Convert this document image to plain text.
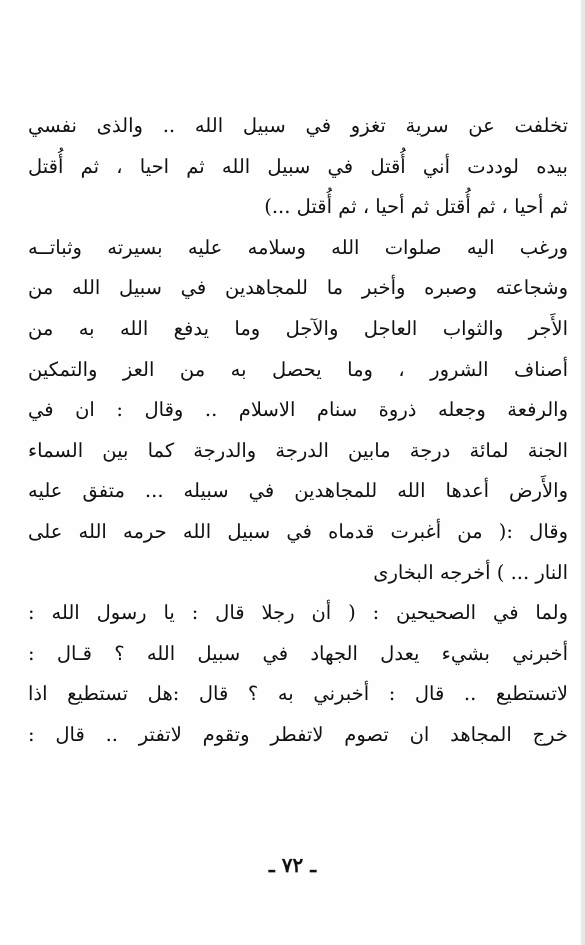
تخلفت عن سرية تغزو في سبيل الله .. والذى نفسي
بيده لوددت أني أُقتل في سبيل الله ثم احيا ، ثم أُقتل
ثم أحيا ، ثم أُقتل ثم أحيا ، ثم أُقتل ...)
ورغب اليه صلوات الله وسلامه عليه بسيرته وثباتــه
وشجاعته وصبره وأخبر ما للمجاهدين في سبيل الله من
الأَجر والثواب العاجل والآجل وما يدفع الله به من
أصناف الشرور ، وما يحصل به من العز والتمكين
والرفعة وجعله ذروة سنام الاسلام .. وقال : ان في
الجنة لمائة درجة مابين الدرجة والدرجة كما بين السماء
والأَرض أعدها الله للمجاهدين في سبيله ... متفق عليه
وقال :( من أغبرت قدماه في سبيل الله حرمه الله على
النار ... ) أخرجه البخارى
ولما في الصحيحين : ( أن رجلا قال : يا رسول الله :
أخبرني بشيء يعدل الجهاد في سبيل الله ؟ قـال :
لاتستطيع .. قال : أخبرني به ؟ قال :هل تستطيع اذا
خرج المجاهد ان تصوم لاتفطر وتقوم لاتفتر .. قال :
ـ ٧٢ ـ
